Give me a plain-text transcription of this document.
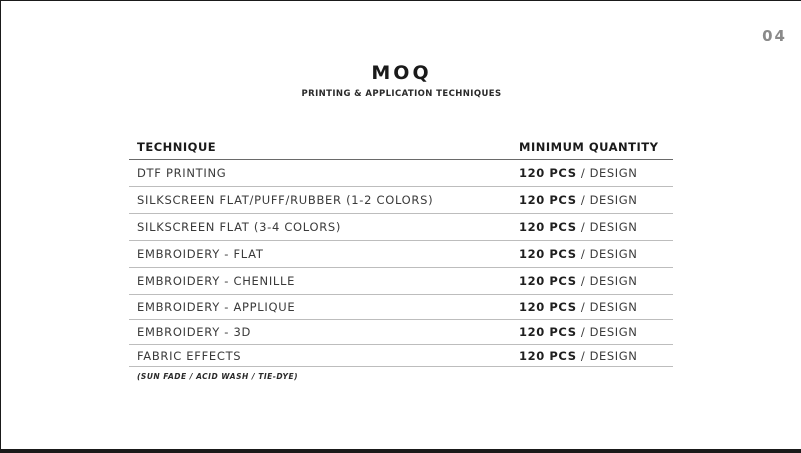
04
MOQ
PRINTING & APPLICATION TECHNIQUES
TECHNIQUE	MINIMUM QUANTITY
DTF PRINTING	120 PCS / DESIGN
SILKSCREEN FLAT/PUFF/RUBBER (1-2 COLORS)	120 PCS / DESIGN
SILKSCREEN FLAT (3-4 COLORS)	120 PCS / DESIGN
EMBROIDERY - FLAT	120 PCS / DESIGN
EMBROIDERY - CHENILLE	120 PCS / DESIGN
EMBROIDERY - APPLIQUE	120 PCS / DESIGN
EMBROIDERY - 3D	120 PCS / DESIGN
FABRIC EFFECTS	120 PCS / DESIGN
(SUN FADE / ACID WASH / TIE-DYE)
